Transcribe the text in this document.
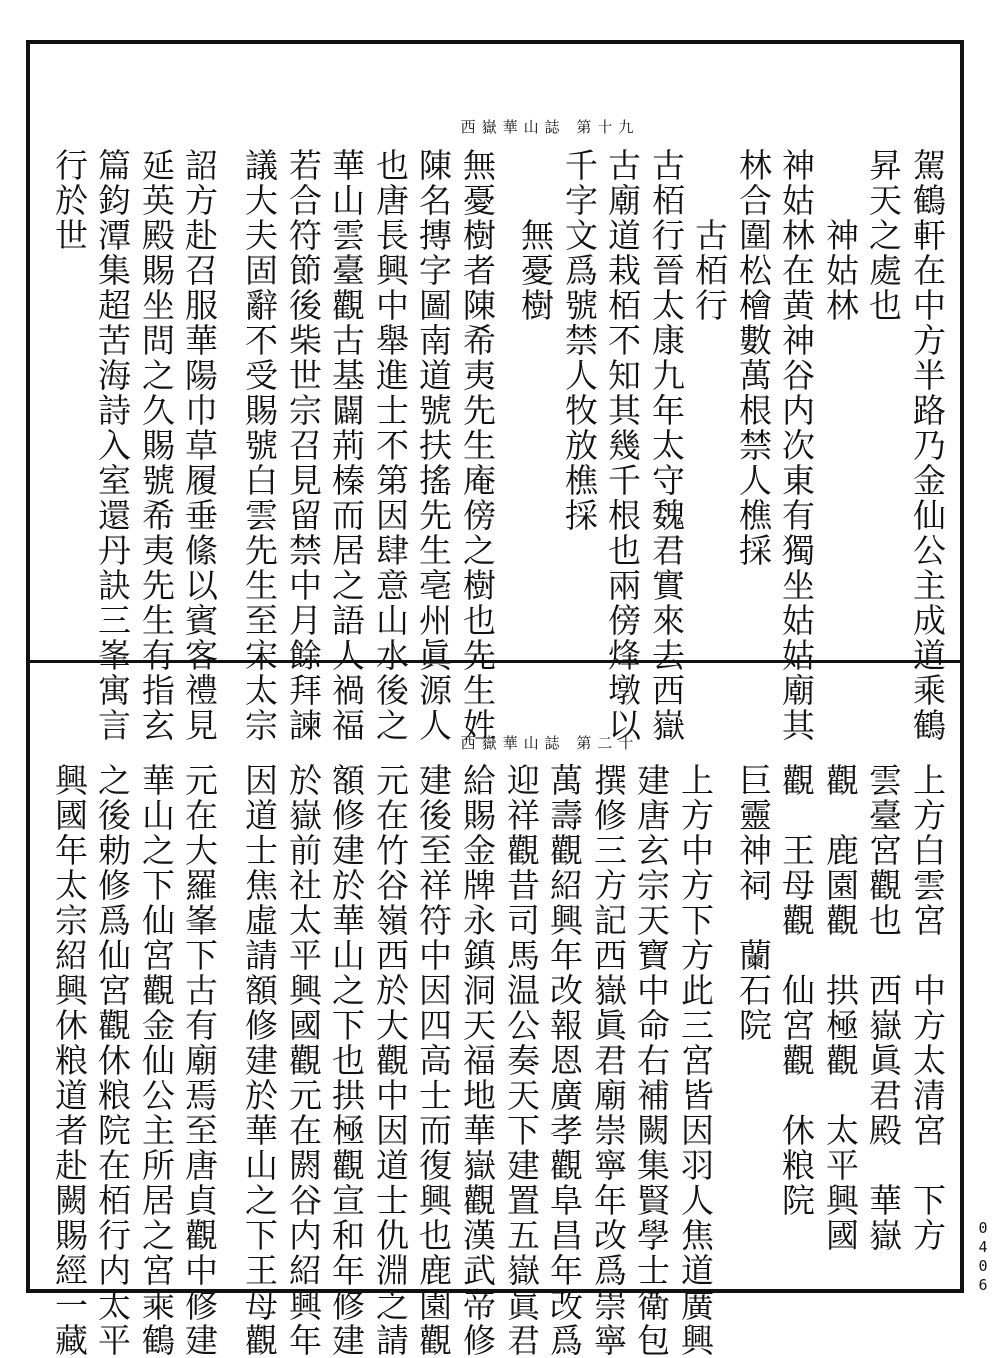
西嶽華山誌 第十九
駕鶴軒在中方半路乃金仙公主成道乘鶴
昇天之處也
　　神姑林
神姑林在黄神谷内次東有獨坐姑姑廟其
林合圍松檜數萬根禁人樵採
　　古栢行
古栢行晉太康九年太守魏君實來去西嶽
古廟道栽栢不知其幾千根也兩傍烽墩以
千字文爲號禁人牧放樵採
　　無憂樹
無憂樹者陳希夷先生庵傍之樹也先生姓
陳名摶字圖南道號扶搖先生亳州眞源人
也唐長興中舉進士不第因肆意山水後之
華山雲臺觀古基闢荊榛而居之語人禍福
若合符節後柴世宗召見留禁中月餘拜諫
議大夫固辭不受賜號白雲先生至宋太宗
詔方赴召服華陽巾草履垂絛以賓客禮見
延英殿賜坐問之久賜號希夷先生有指玄
篇鈞潭集超苦海詩入室還丹訣三峯寓言
行於世
西嶽華山誌 第二十
上方白雲宮　中方太清宮　下方
雲臺宮觀也　西嶽眞君殿　華嶽
觀　鹿園觀　拱極觀　太平興國
觀　王母觀　仙宮觀　休粮院
巨靈神祠　蘭石院
上方中方下方此三宮皆因羽人焦道廣興
建唐玄宗天寶中命右補闕集賢學士衛包
撰修三方記西嶽眞君廟崇寧年改爲崇寧
萬壽觀紹興年改報恩廣孝觀阜昌年改爲
迎祥觀昔司馬温公奏天下建置五嶽眞君
給賜金牌永鎮洞天福地華嶽觀漢武帝修
建後至祥符中因四高士而復興也鹿園觀
元在竹谷嶺西於大觀中因道士仇淵之請
額修建於華山之下也拱極觀宣和年修建
於嶽前社太平興國觀元在閼谷内紹興年
因道士焦虛請額修建於華山之下王母觀
元在大羅峯下古有廟焉至唐貞觀中修建
華山之下仙宮觀金仙公主所居之宮乘鶴
之後勅修爲仙宮觀休粮院在栢行内太平
興國年太宗紹興休粮道者赴闕賜經一藏	0406
